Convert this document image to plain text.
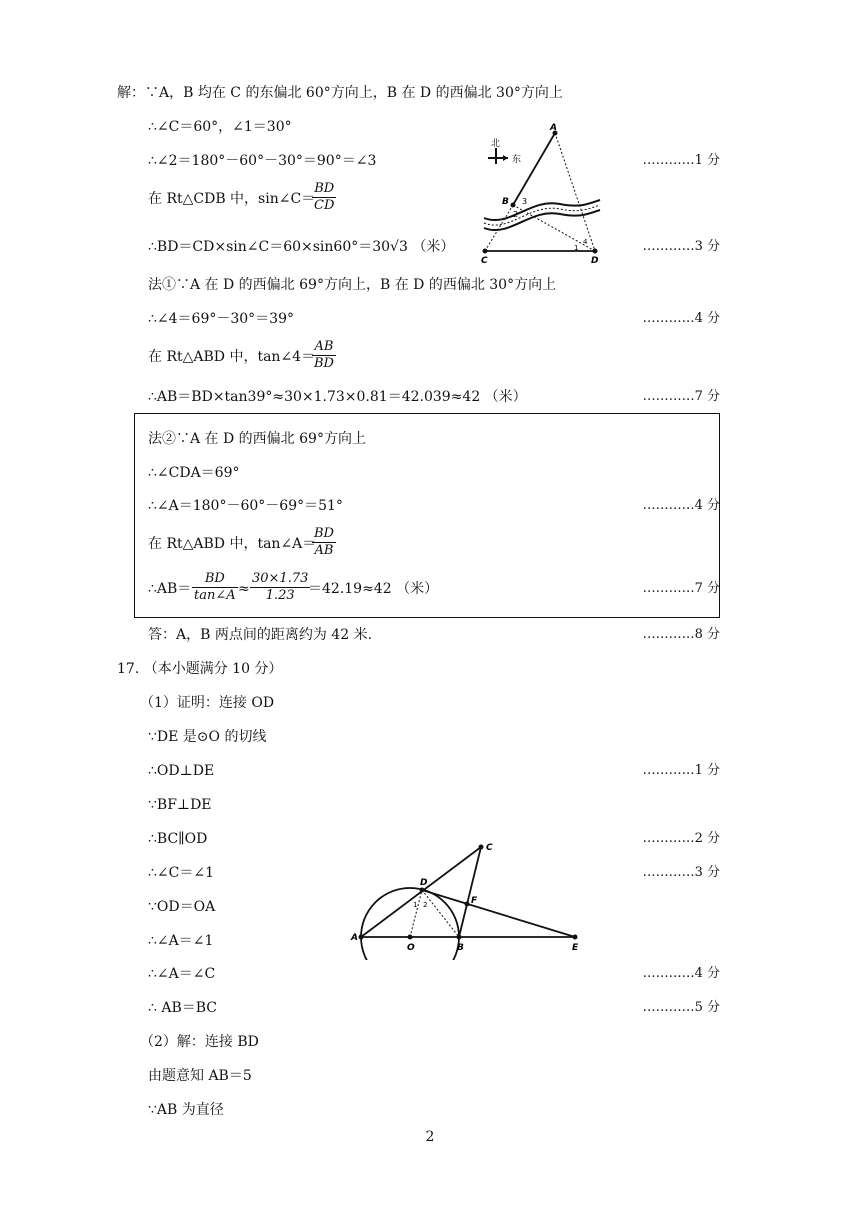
解：∵A，B 均在 C 的东偏北 60°方向上，B 在 D 的西偏北 30°方向上
∴∠C＝60°，∠1＝30°
∴∠2＝180°－60°－30°＝90°＝∠3
在 Rt△CDB 中，sin∠C＝
∴BD＝CD×sin∠C＝60×sin60°＝30√3 （米）
法①∵A 在 D 的西偏北 69°方向上，B 在 D 的西偏北 30°方向上
∴∠4＝69°－30°＝39°
在 Rt△ABD 中，tan∠4＝
∴AB＝BD×tan39°≈30×1.73×0.81＝42.039≈42 （米）
法②∵A 在 D 的西偏北 69°方向上
∴∠CDA＝69°
∴∠A＝180°－60°－69°＝51°
在 Rt△ABD 中，tan∠A＝
∴AB＝	≈	＝42.19≈42 （米）
答：A，B 两点间的距离约为 42 米.
17. （本小题满分 10 分）
（1）证明：连接 OD
∵DE 是⊙O 的切线
∴OD⊥DE
∵BF⊥DE
∴BC∥OD
∴∠C＝∠1
∵OD＝OA
∴∠A＝∠1
∴∠A＝∠C
∴ AB＝BC
（2）解：连接 BD
由题意知 AB＝5
∵AB 为直径
…………1 分
…………3 分
…………4 分
…………7 分
…………4 分
…………7 分
…………8 分
…………1 分
…………2 分
…………3 分
…………4 分
…………5 分
$\frac{BD}{CD}$
$\frac{AB}{BD}$
$\frac{BD}{AB}$
$\frac{BD}{\tan\angle A} \frac{30\times 1.73}{1.23}$
北
东
A
B
C	D
3
2
1
4
A
O	B	E
C
D
F
1 2
2
